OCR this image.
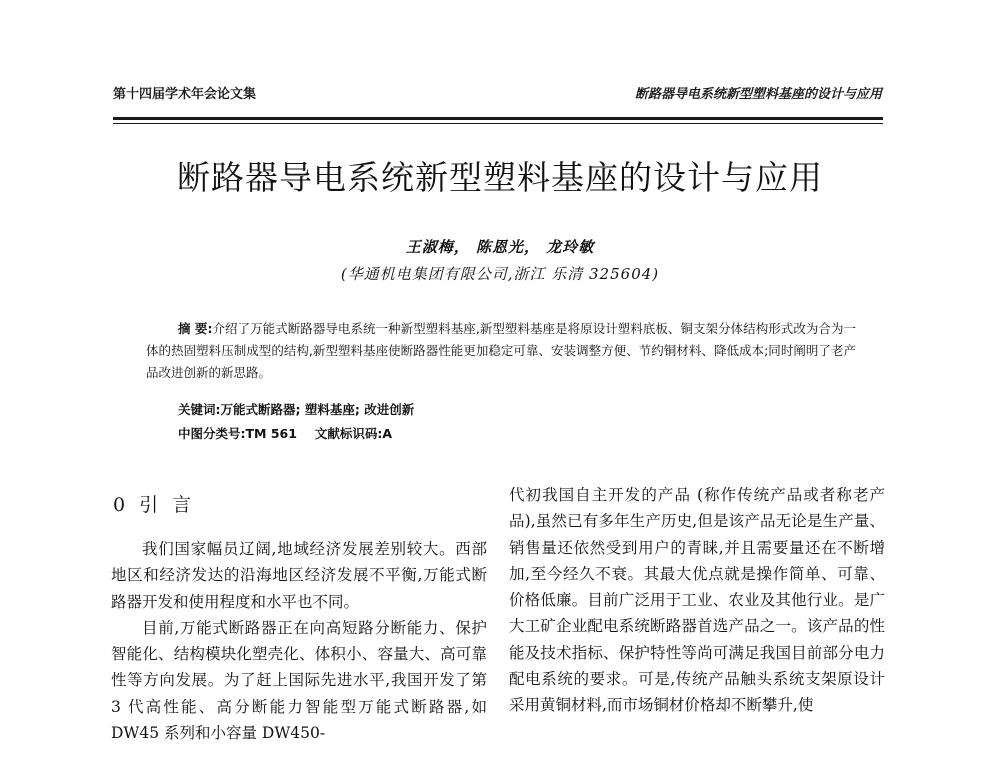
第十四届学术年会论文集	断路器导电系统新型塑料基座的设计与应用
断路器导电系统新型塑料基座的设计与应用
王淑梅， 陈恩光， 龙玲敏
(华通机电集团有限公司,浙江 乐清 325604)
摘 要:介绍了万能式断路器导电系统一种新型塑料基座,新型塑料基座是将原设计塑料底板、铜支架分体结构形式改为合为一体的热固塑料压制成型的结构,新型塑料基座使断路器性能更加稳定可靠、安装调整方便、节约铜材料、降低成本;同时阐明了老产品改进创新的新思路。
关键词:万能式断路器; 塑料基座; 改进创新
中图分类号:TM 561 文献标识码:A
0 引 言

我们国家幅员辽阔,地域经济发展差别较大。西部地区和经济发达的沿海地区经济发展不平衡,万能式断路器开发和使用程度和水平也不同。

目前,万能式断路器正在向高短路分断能力、保护智能化、结构模块化塑壳化、体积小、容量大、高可靠性等方向发展。为了赶上国际先进水平,我国开发了第 3 代高性能、高分断能力智能型万能式断路器,如 DW45 系列和小容量 DW450-

代初我国自主开发的产品 (称作传统产品或者称老产品),虽然已有多年生产历史,但是该产品无论是生产量、销售量还依然受到用户的青睐,并且需要量还在不断增加,至今经久不衰。其最大优点就是操作简单、可靠、价格低廉。目前广泛用于工业、农业及其他行业。是广大工矿企业配电系统断路器首选产品之一。该产品的性能及技术指标、保护特性等尚可满足我国目前部分电力配电系统的要求。可是,传统产品触头系统支架原设计采用黄铜材料,而市场铜材价格却不断攀升,使
